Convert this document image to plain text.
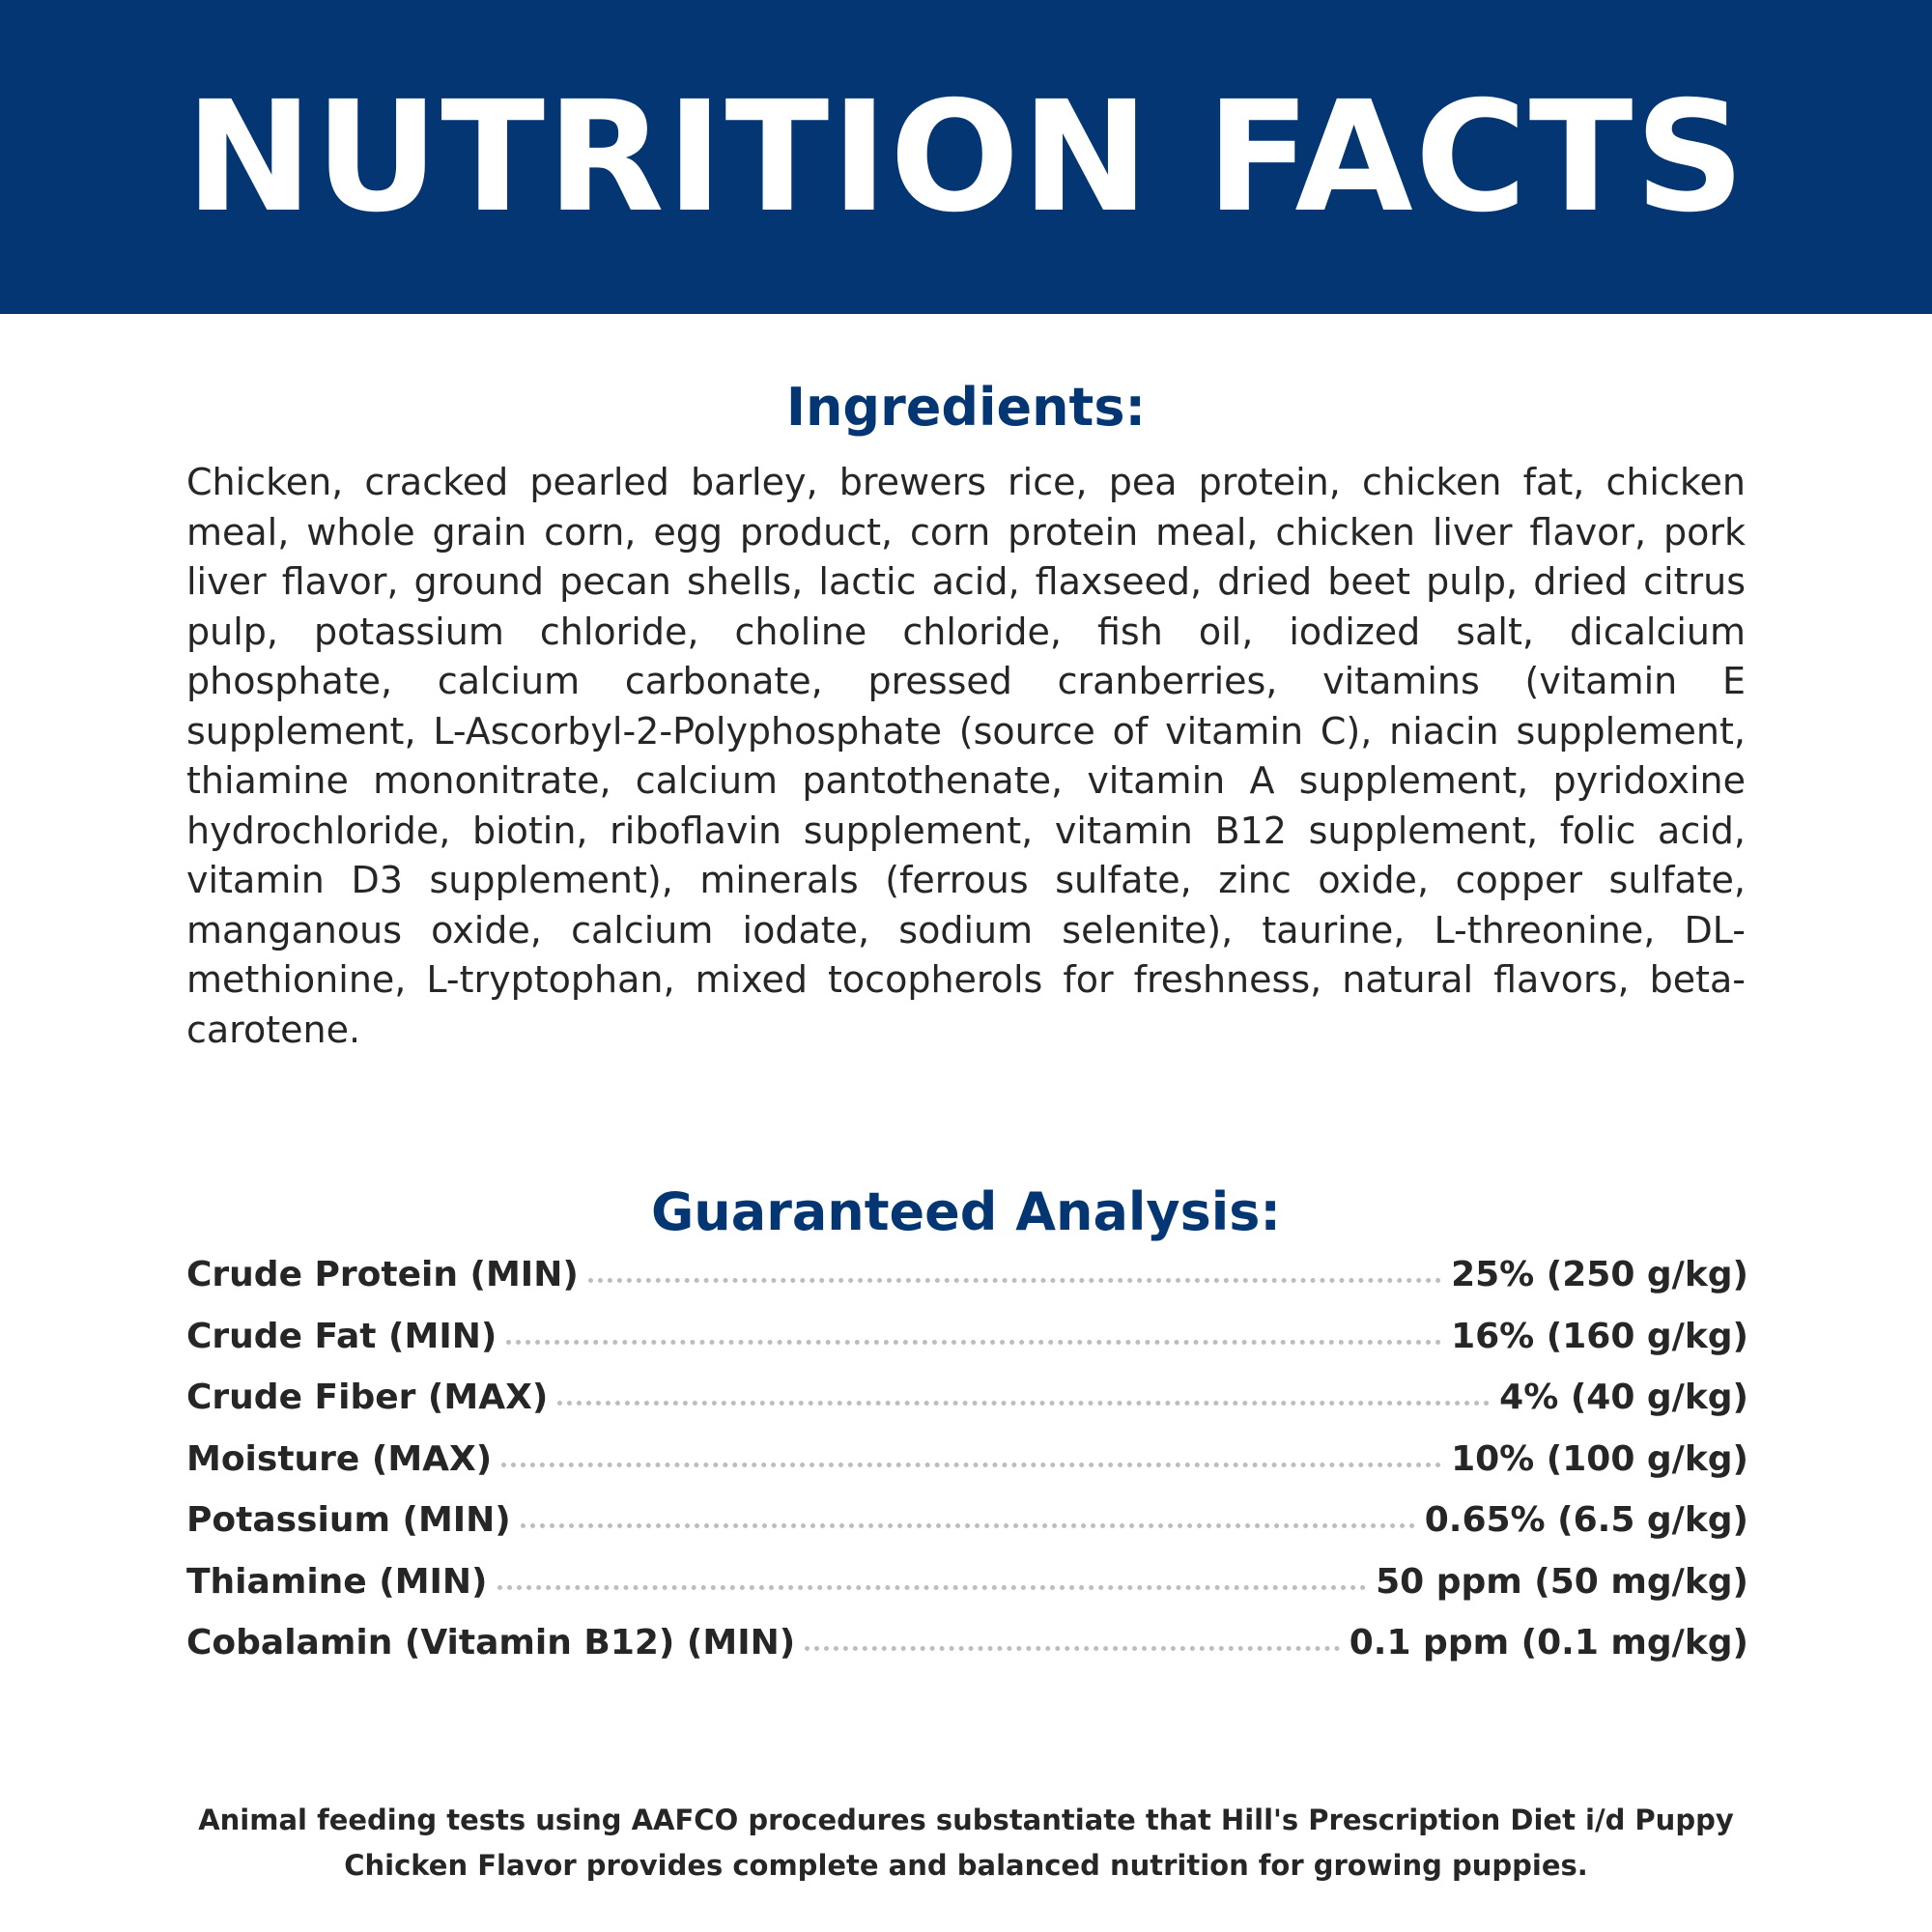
NUTRITION FACTS
Ingredients:
Chicken, cracked pearled barley, brewers rice, pea protein, chicken fat, chicken meal, whole grain corn, egg product, corn protein meal, chicken liver flavor, pork liver flavor, ground pecan shells, lactic acid, flaxseed, dried beet pulp, dried citrus pulp, potassium chloride, choline chloride, fish oil, iodized salt, dicalcium phosphate, calcium carbonate, pressed cranberries, vitamins (vitamin E supplement, L-Ascorbyl-2-Polyphosphate (source of vitamin C), niacin supplement, thiamine mononitrate, calcium pantothenate, vitamin A supplement, pyridoxine hydrochloride, biotin, riboflavin supplement, vitamin B12 supplement, folic acid, vitamin D3 supplement), minerals (ferrous sulfate, zinc oxide, copper sulfate, manganous oxide, calcium iodate, sodium selenite), taurine, L-threonine, DL-methionine, L-tryptophan, mixed tocopherols for freshness, natural flavors, beta-carotene.
Guaranteed Analysis:
Crude Protein (MIN)	25% (250 g/kg)
Crude Fat (MIN)	16% (160 g/kg)
Crude Fiber (MAX)	4% (40 g/kg)
Moisture (MAX)	10% (100 g/kg)
Potassium (MIN)	0.65% (6.5 g/kg)
Thiamine (MIN)	50 ppm (50 mg/kg)
Cobalamin (Vitamin B12) (MIN)	0.1 ppm (0.1 mg/kg)
Animal feeding tests using AAFCO procedures substantiate that Hill's Prescription Diet i/d Puppy
Chicken Flavor provides complete and balanced nutrition for growing puppies.
